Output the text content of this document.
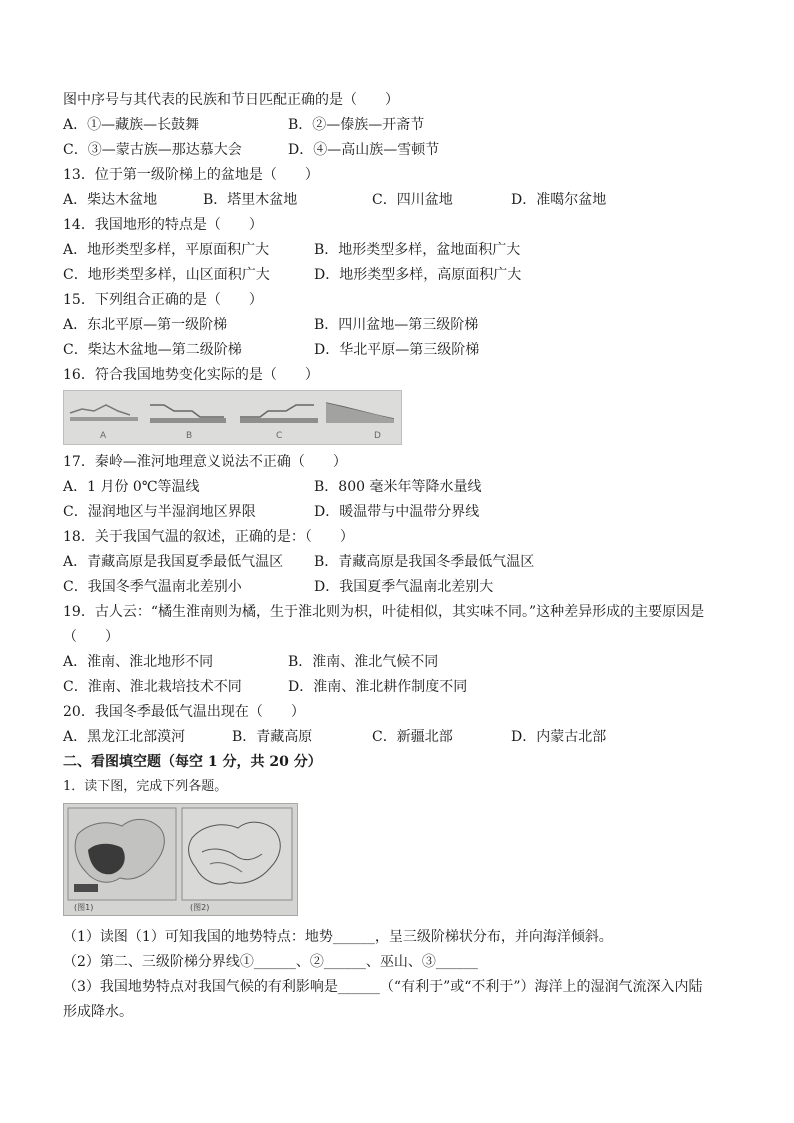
图中序号与其代表的民族和节日匹配正确的是（　　）
A．①—藏族—长鼓舞	B．②—傣族—开斋节
C．③—蒙古族—那达慕大会	D．④—高山族—雪顿节
13．位于第一级阶梯上的盆地是（　　）
A．柴达木盆地	B．塔里木盆地	C．四川盆地	D．准噶尔盆地
14．我国地形的特点是（　　）
A．地形类型多样，平原面积广大	B．地形类型多样，盆地面积广大
C．地形类型多样，山区面积广大	D．地形类型多样，高原面积广大
15．下列组合正确的是（　　）
A．东北平原—第一级阶梯	B．四川盆地—第三级阶梯
C．柴达木盆地—第二级阶梯	D．华北平原—第三级阶梯
16．符合我国地势变化实际的是（　　）
A	B	C	D
17．秦岭—淮河地理意义说法不正确（　　）
A．1 月份 0℃等温线	B．800 毫米年等降水量线
C．湿润地区与半湿润地区界限	D．暖温带与中温带分界线
18．关于我国气温的叙述，正确的是：（　　）
A．青藏高原是我国夏季最低气温区 B．青藏高原是我国冬季最低气温区
C．我国冬季气温南北差别小	D．我国夏季气温南北差别大
19．古人云：“橘生淮南则为橘，生于淮北则为枳，叶徒相似，其实味不同。”这种差异形成的主要原因是
（　　）
A．淮南、淮北地形不同	B．淮南、淮北气候不同
C．淮南、淮北栽培技术不同	D．淮南、淮北耕作制度不同
20．我国冬季最低气温出现在（　　）
A．黑龙江北部漠河	B．青藏高原	C．新疆北部	D．内蒙古北部
二、看图填空题（每空 1 分，共 20 分）
1．读下图，完成下列各题。
(图1)	(图2)
（1）读图（1）可知我国的地势特点：地势______，呈三级阶梯状分布，并向海洋倾斜。
（2）第二、三级阶梯分界线①______、②______、巫山、③______
（3）我国地势特点对我国气候的有利影响是______（“有利于”或“不利于”）海洋上的湿润气流深入内陆
形成降水。
